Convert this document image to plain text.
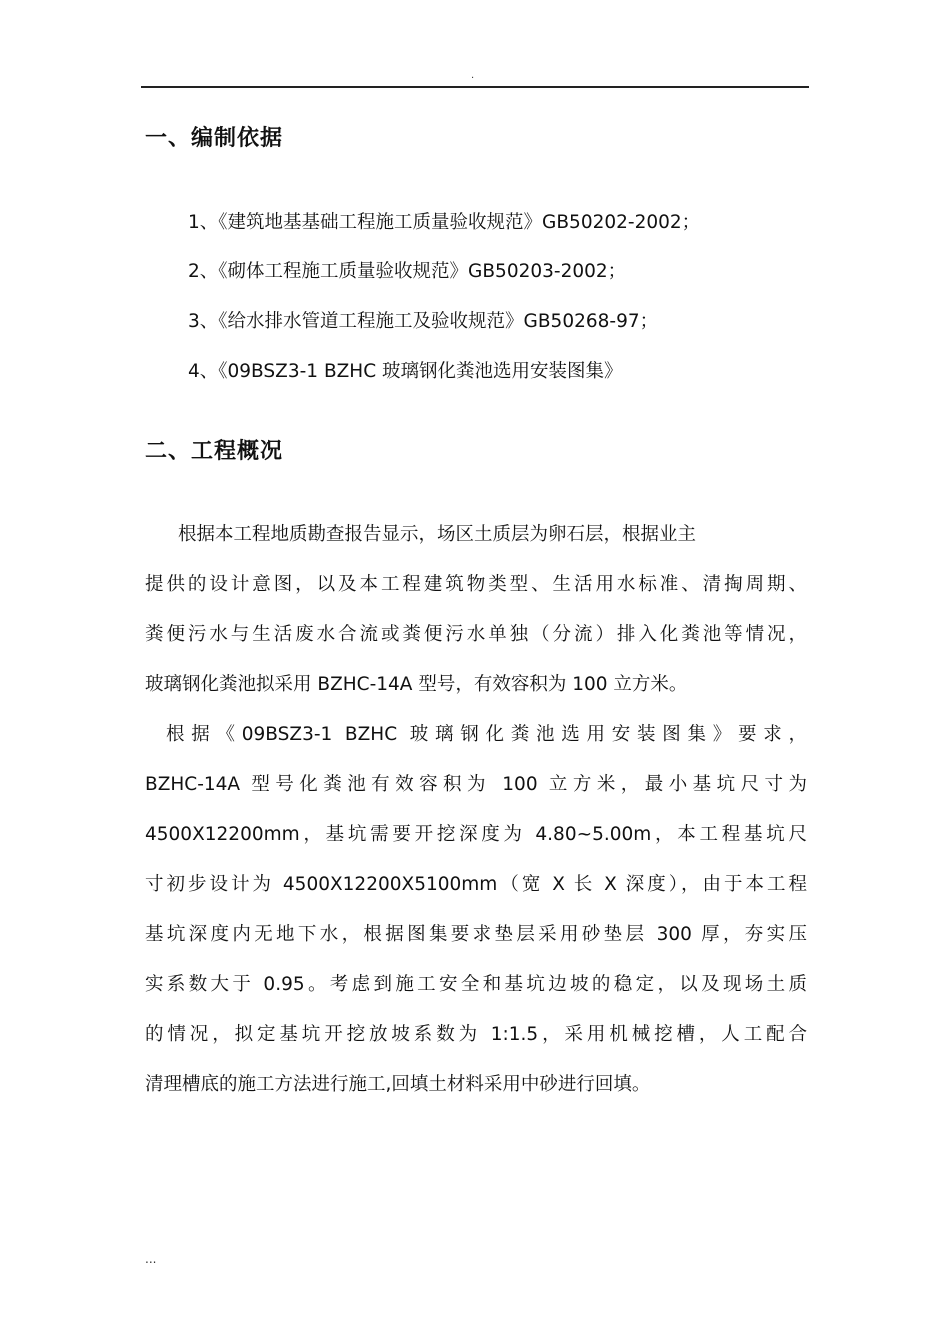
.
一、编制依据
1、《建筑地基基础工程施工质量验收规范》GB50202-2002；
2、《砌体工程施工质量验收规范》GB50203-2002；
3、《给水排水管道工程施工及验收规范》GB50268-97；
4、《09BSZ3-1 BZHC 玻璃钢化粪池选用安装图集》
二、工程概况
根据本工程地质勘查报告显示，场区土质层为卵石层，根据业主
提供的设计意图，以及本工程建筑物类型、生活用水标准、清掏周期、
粪便污水与生活废水合流或粪便污水单独（分流）排入化粪池等情况，
玻璃钢化粪池拟采用 BZHC-14A 型号，有效容积为 100 立方米。
根据《09BSZ3-1 BZHC 玻璃钢化粪池选用安装图集》要求，
BZHC-14A 型号化粪池有效容积为 100 立方米，最小基坑尺寸为
4500X12200mm，基坑需要开挖深度为 4.80~5.00m，本工程基坑尺
寸初步设计为 4500X12200X5100mm（宽 X 长 X 深度），由于本工程
基坑深度内无地下水，根据图集要求垫层采用砂垫层 300 厚，夯实压
实系数大于 0.95。考虑到施工安全和基坑边坡的稳定，以及现场土质
的情况，拟定基坑开挖放坡系数为 1:1.5，采用机械挖槽，人工配合
清理槽底的施工方法进行施工,回填土材料采用中砂进行回填。
...
